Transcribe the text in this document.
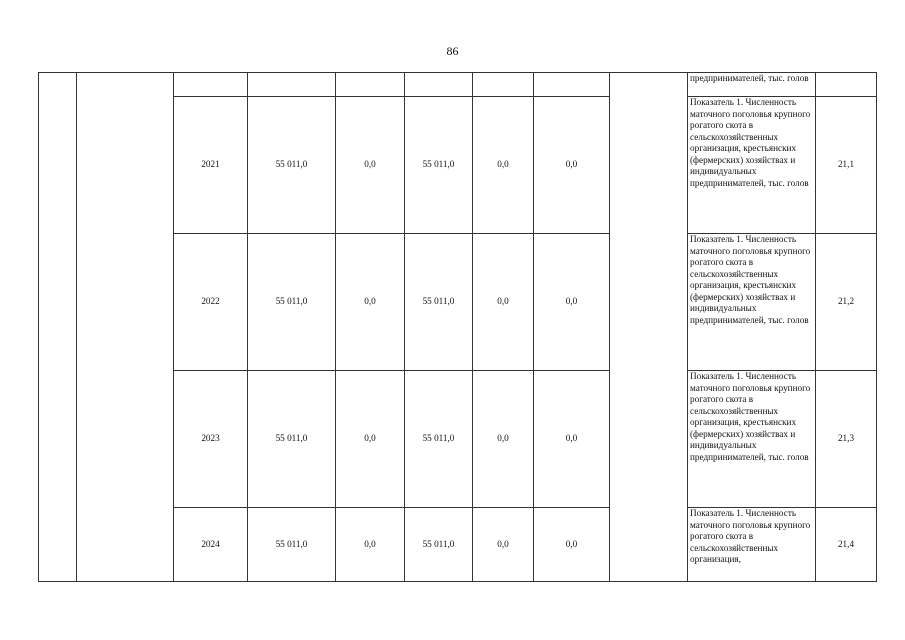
86
									предпринимателей, тыс. голов	
		2021	55 011,0	0,0	55 011,0	0,0	0,0		Показатель 1. Численность маточного поголовья крупного рогатого скота в сельскохозяйственных организация, крестьянских (фермерских) хозяйствах и индивидуальных предпринимателей, тыс. голов	21,1
		2022	55 011,0	0,0	55 011,0	0,0	0,0		Показатель 1. Численность маточного поголовья крупного рогатого скота в сельскохозяйственных организация, крестьянских (фермерских) хозяйствах и индивидуальных предпринимателей, тыс. голов	21,2
		2023	55 011,0	0,0	55 011,0	0,0	0,0		Показатель 1. Численность маточного поголовья крупного рогатого скота в сельскохозяйственных организация, крестьянских (фермерских) хозяйствах и индивидуальных предпринимателей, тыс. голов	21,3
		2024	55 011,0	0,0	55 011,0	0,0	0,0		Показатель 1. Численность маточного поголовья крупного рогатого скота в сельскохозяйственных организация,	21,4
